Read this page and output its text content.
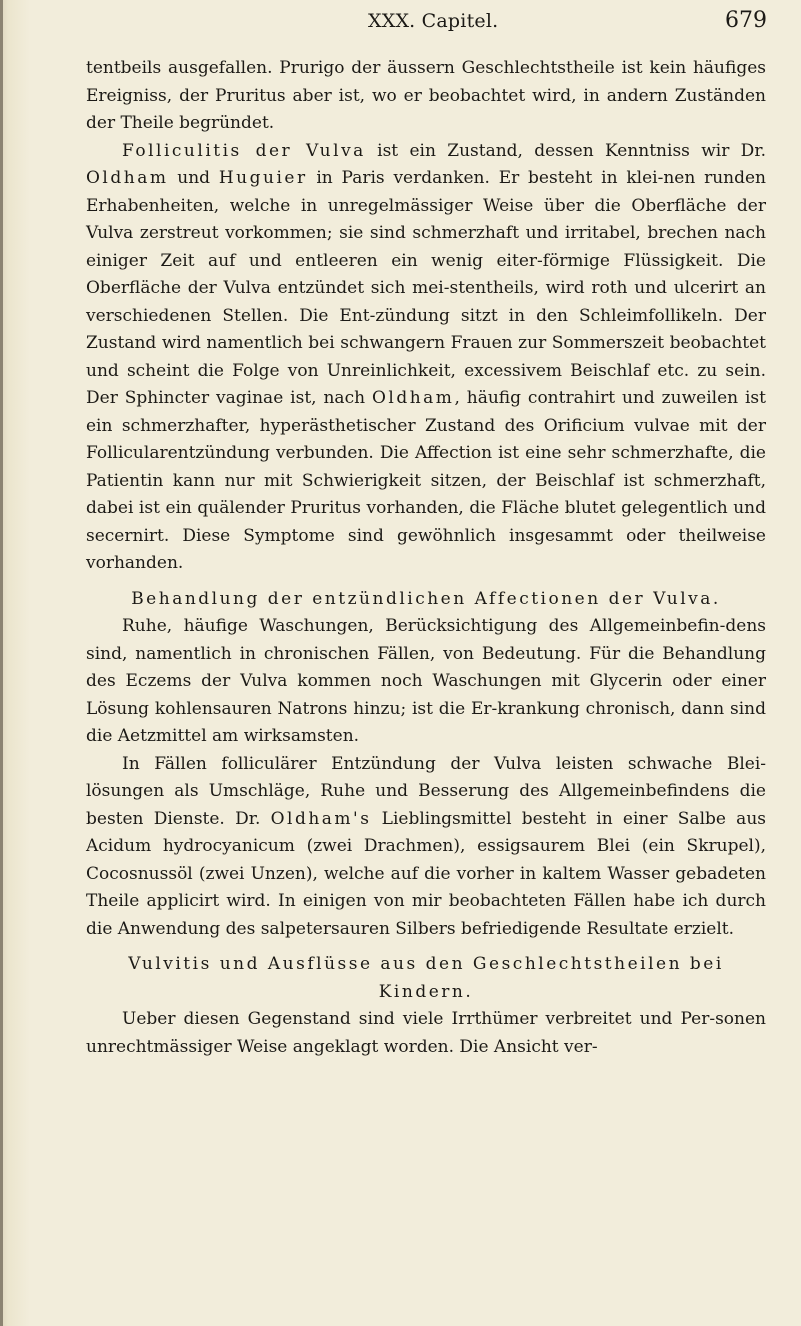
XXX. Capitel.	679

tentbeils ausgefallen. Prurigo der äussern Geschlechtstheile ist kein häufiges Ereigniss, der Pruritus aber ist, wo er beobachtet wird, in andern Zuständen der Theile begründet.

Folliculitis der Vulva ist ein Zustand, dessen Kenntniss wir Dr. Oldham und Huguier in Paris verdanken. Er besteht in klei-nen runden Erhabenheiten, welche in unregelmässiger Weise über die Oberfläche der Vulva zerstreut vorkommen; sie sind schmerzhaft und irritabel, brechen nach einiger Zeit auf und entleeren ein wenig eiter-förmige Flüssigkeit. Die Oberfläche der Vulva entzündet sich mei-stentheils, wird roth und ulcerirt an verschiedenen Stellen. Die Ent-zündung sitzt in den Schleimfollikeln. Der Zustand wird namentlich bei schwangern Frauen zur Sommerszeit beobachtet und scheint die Folge von Unreinlichkeit, excessivem Beischlaf etc. zu sein. Der Sphincter vaginae ist, nach Oldham, häufig contrahirt und zuweilen ist ein schmerzhafter, hyperästhetischer Zustand des Orificium vulvae mit der Follicularentzündung verbunden. Die Affection ist eine sehr schmerzhafte, die Patientin kann nur mit Schwierigkeit sitzen, der Beischlaf ist schmerzhaft, dabei ist ein quälender Pruritus vorhanden, die Fläche blutet gelegentlich und secernirt. Diese Symptome sind gewöhnlich insgesammt oder theilweise vorhanden.

Behandlung der entzündlichen Affectionen der Vulva.

Ruhe, häufige Waschungen, Berücksichtigung des Allgemeinbefin-dens sind, namentlich in chronischen Fällen, von Bedeutung. Für die Behandlung des Eczems der Vulva kommen noch Waschungen mit Glycerin oder einer Lösung kohlensauren Natrons hinzu; ist die Er-krankung chronisch, dann sind die Aetzmittel am wirksamsten.

In Fällen folliculärer Entzündung der Vulva leisten schwache Blei-lösungen als Umschläge, Ruhe und Besserung des Allgemeinbefindens die besten Dienste. Dr. Oldham's Lieblingsmittel besteht in einer Salbe aus Acidum hydrocyanicum (zwei Drachmen), essigsaurem Blei (ein Skrupel), Cocosnussöl (zwei Unzen), welche auf die vorher in kaltem Wasser gebadeten Theile applicirt wird. In einigen von mir beobachteten Fällen habe ich durch die Anwendung des salpetersauren Silbers befriedigende Resultate erzielt.

Vulvitis und Ausflüsse aus den Geschlechtstheilen bei

Kindern.

Ueber diesen Gegenstand sind viele Irrthümer verbreitet und Per-sonen unrechtmässiger Weise angeklagt worden. Die Ansicht ver-
